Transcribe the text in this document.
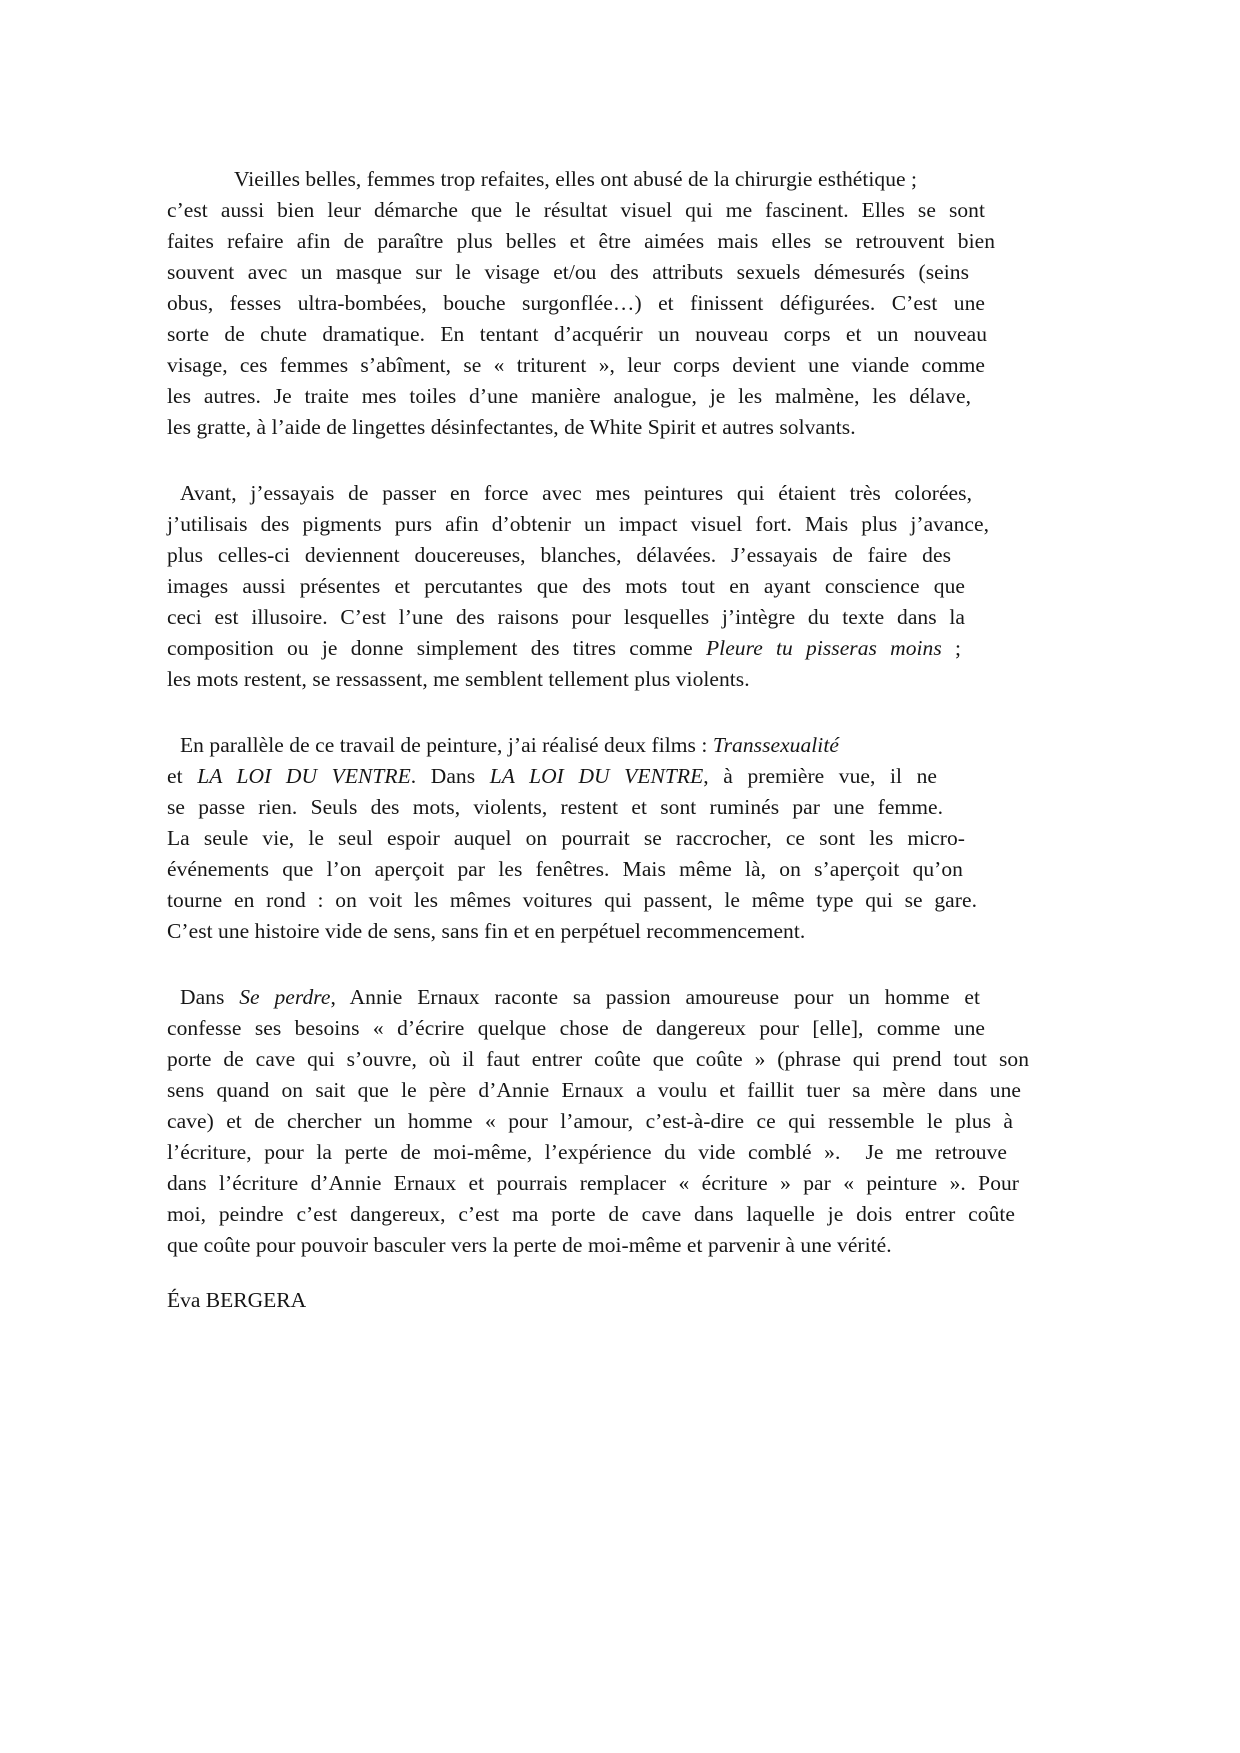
Vieilles belles, femmes trop refaites, elles ont abusé de la chirurgie esthétique ;
c’est aussi bien leur démarche que le résultat visuel qui me fascinent. Elles se sont
faites refaire afin de paraître plus belles et être aimées mais elles se retrouvent bien
souvent avec un masque sur le visage et/ou des attributs sexuels démesurés (seins
obus, fesses ultra-bombées, bouche surgonflée…) et finissent défigurées. C’est une
sorte de chute dramatique. En tentant d’acquérir un nouveau corps et un nouveau
visage, ces femmes s’abîment, se « triturent », leur corps devient une viande comme
les autres. Je traite mes toiles d’une manière analogue, je les malmène, les délave,
les gratte, à l’aide de lingettes désinfectantes, de White Spirit et autres solvants.
Avant, j’essayais de passer en force avec mes peintures qui étaient très colorées,
j’utilisais des pigments purs afin d’obtenir un impact visuel fort. Mais plus j’avance,
plus celles-ci deviennent doucereuses, blanches, délavées. J’essayais de faire des
images aussi présentes et percutantes que des mots tout en ayant conscience que
ceci est illusoire. C’est l’une des raisons pour lesquelles j’intègre du texte dans la
composition ou je donne simplement des titres comme Pleure tu pisseras moins ;
les mots restent, se ressassent, me semblent tellement plus violents.
En parallèle de ce travail de peinture, j’ai réalisé deux films : Transsexualité
et LA LOI DU VENTRE. Dans LA LOI DU VENTRE, à première vue, il ne
se passe rien. Seuls des mots, violents, restent et sont ruminés par une femme.
La seule vie, le seul espoir auquel on pourrait se raccrocher, ce sont les micro-
événements que l’on aperçoit par les fenêtres. Mais même là, on s’aperçoit qu’on
tourne en rond : on voit les mêmes voitures qui passent, le même type qui se gare.
C’est une histoire vide de sens, sans fin et en perpétuel recommencement.
Dans Se perdre, Annie Ernaux raconte sa passion amoureuse pour un homme et
confesse ses besoins « d’écrire quelque chose de dangereux pour [elle], comme une
porte de cave qui s’ouvre, où il faut entrer coûte que coûte » (phrase qui prend tout son
sens quand on sait que le père d’Annie Ernaux a voulu et faillit tuer sa mère dans une
cave) et de chercher un homme « pour l’amour, c’est-à-dire ce qui ressemble le plus à
l’écriture, pour la perte de moi-même, l’expérience du vide comblé ».  Je me retrouve
dans l’écriture d’Annie Ernaux et pourrais remplacer « écriture » par « peinture ». Pour
moi, peindre c’est dangereux, c’est ma porte de cave dans laquelle je dois entrer coûte
que coûte pour pouvoir basculer vers la perte de moi-même et parvenir à une vérité.
Éva BERGERA
